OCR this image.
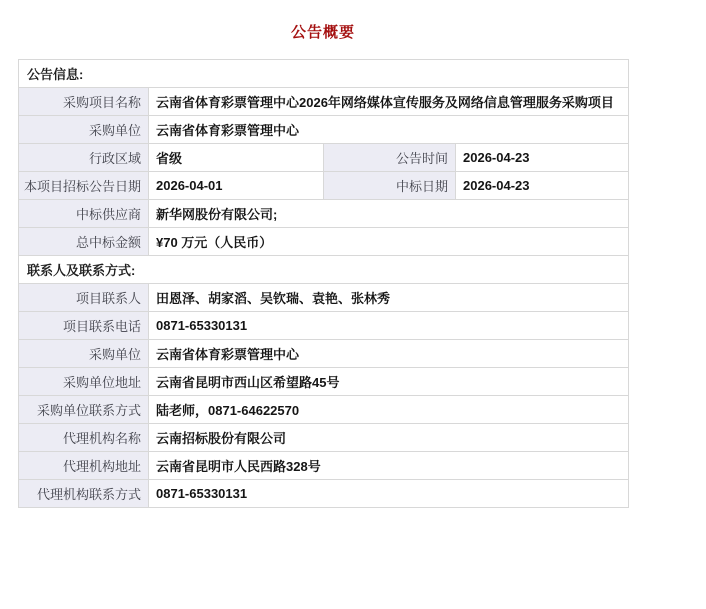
公告概要
公告信息:			
采购项目名称	云南省体育彩票管理中心2026年网络媒体宣传服务及网络信息管理服务采购项目		
采购单位	云南省体育彩票管理中心		
行政区域	省级	公告时间	2026-04-23
本项目招标公告日期	2026-04-01	中标日期	2026-04-23
中标供应商	新华网股份有限公司;		
总中标金额	¥70 万元（人民币）		
联系人及联系方式:			
项目联系人	田恩泽、胡家滔、吴钦瑞、袁艳、张林秀		
项目联系电话	0871-65330131		
采购单位	云南省体育彩票管理中心		
采购单位地址	云南省昆明市西山区希望路45号		
采购单位联系方式	陆老师，0871-64622570		
代理机构名称	云南招标股份有限公司		
代理机构地址	云南省昆明市人民西路328号		
代理机构联系方式	0871-65330131		
